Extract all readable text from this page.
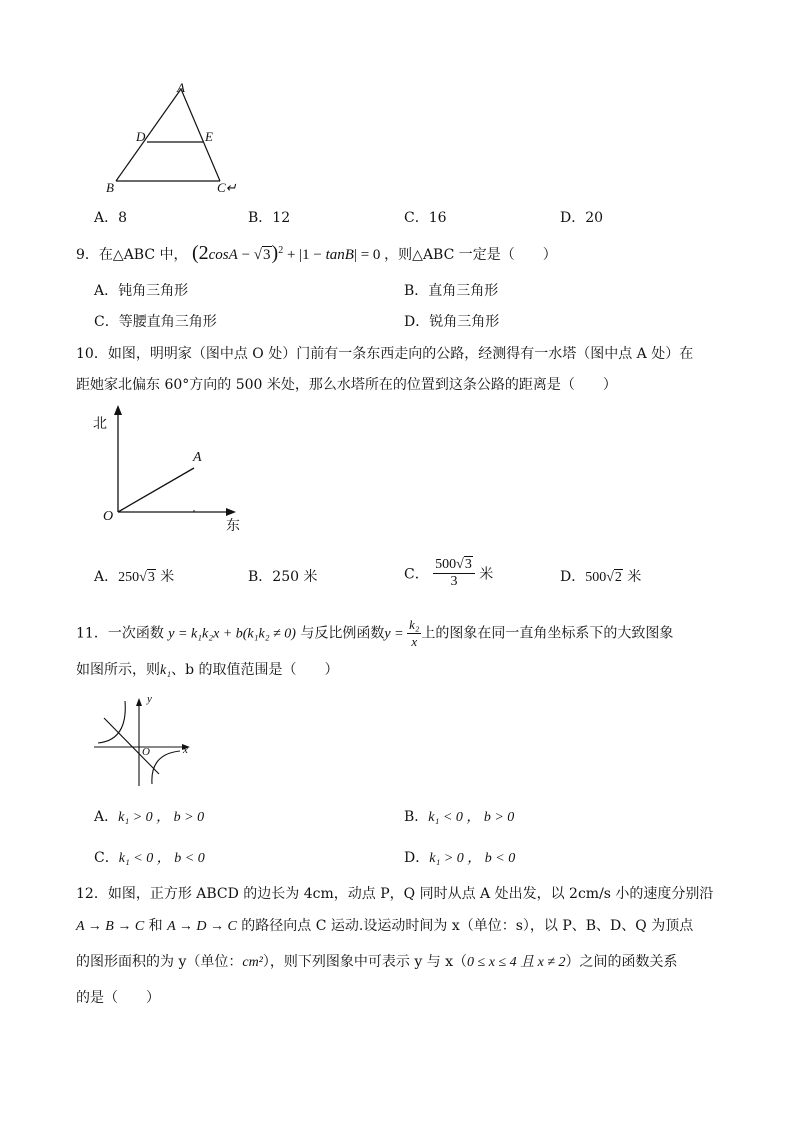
A
D	E
B	C↵
A．8	B．12	C．16	D．20
9．在△ABC 中， $(2\cos A - √3)^2 + |1 - \tan B| = 0$ ，则△ABC 一定是（　　）
A．钝角三角形	B．直角三角形
C．等腰直角三角形	D．锐角三角形
10．如图，明明家（图中点 O 处）门前有一条东西走向的公路，经测得有一水塔（图中点 A 处）在
距她家北偏东 60°方向的 500 米处，那么水塔所在的位置到这条公路的距离是（　　）
北
东
A
O
A．250√3 米	B．250 米	C． $\frac{500√3}{3}$ 米	D．500√2 米
11．一次函数 y = k₁k₂x + b(k₁k₂ ≠ 0) 与反比例函数$y = \frac{\text{k₂}}{x}$ 上的图象在同一直角坐标系下的大致图象
如图所示，则k₁、b 的取值范围是（　　）
y
x
O
A．k₁ > 0 ， b > 0	B．k₁ < 0 ， b > 0
C．k₁ < 0 ， b < 0	D．k₁ > 0 ， b < 0
12．如图，正方形 ABCD 的边长为 4cm，动点 P，Q 同时从点 A 处出发，以 2cm/s 小的速度分别沿
A → B → C 和 A → D → C 的路径向点 C 运动.设运动时间为 x（单位：s），以 P、B、D、Q 为顶点
的图形面积的为 y（单位：cm²），则下列图象中可表示 y 与 x（0 ≤ x ≤ 4 且 x ≠ 2）之间的函数关系
的是（　　）
